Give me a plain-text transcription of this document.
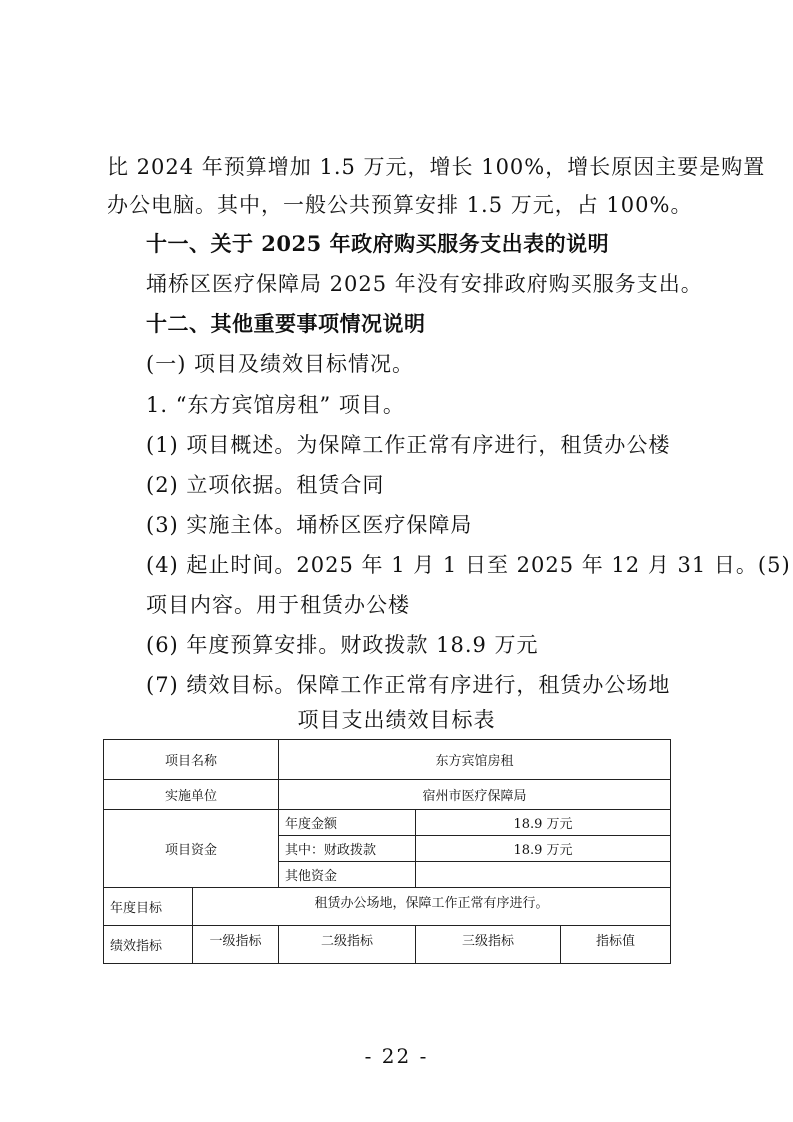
比 2024 年预算增加 1.5 万元，增长 100%，增长原因主要是购置
办公电脑。其中，一般公共预算安排 1.5 万元，占 100%。
十一、关于 2025 年政府购买服务支出表的说明
埇桥区医疗保障局 2025 年没有安排政府购买服务支出。
十二、其他重要事项情况说明
(一) 项目及绩效目标情况。
1. “东方宾馆房租” 项目。
(1) 项目概述。为保障工作正常有序进行，租赁办公楼
(2) 立项依据。租赁合同
(3) 实施主体。埇桥区医疗保障局
(4) 起止时间。2025 年 1 月 1 日至 2025 年 12 月 31 日。(5)
项目内容。用于租赁办公楼
(6) 年度预算安排。财政拨款 18.9 万元
(7) 绩效目标。保障工作正常有序进行，租赁办公场地
项目支出绩效目标表
项目名称		东方宾馆房租		
实施单位		宿州市医疗保障局		
项目资金		年度金额	18.9 万元	
		其中：财政拨款	18.9 万元	
		其他资金		
年度目标	租赁办公场地，保障工作正常有序进行。			
绩效指标	一级指标	二级指标	三级指标	指标值
- 22 -
